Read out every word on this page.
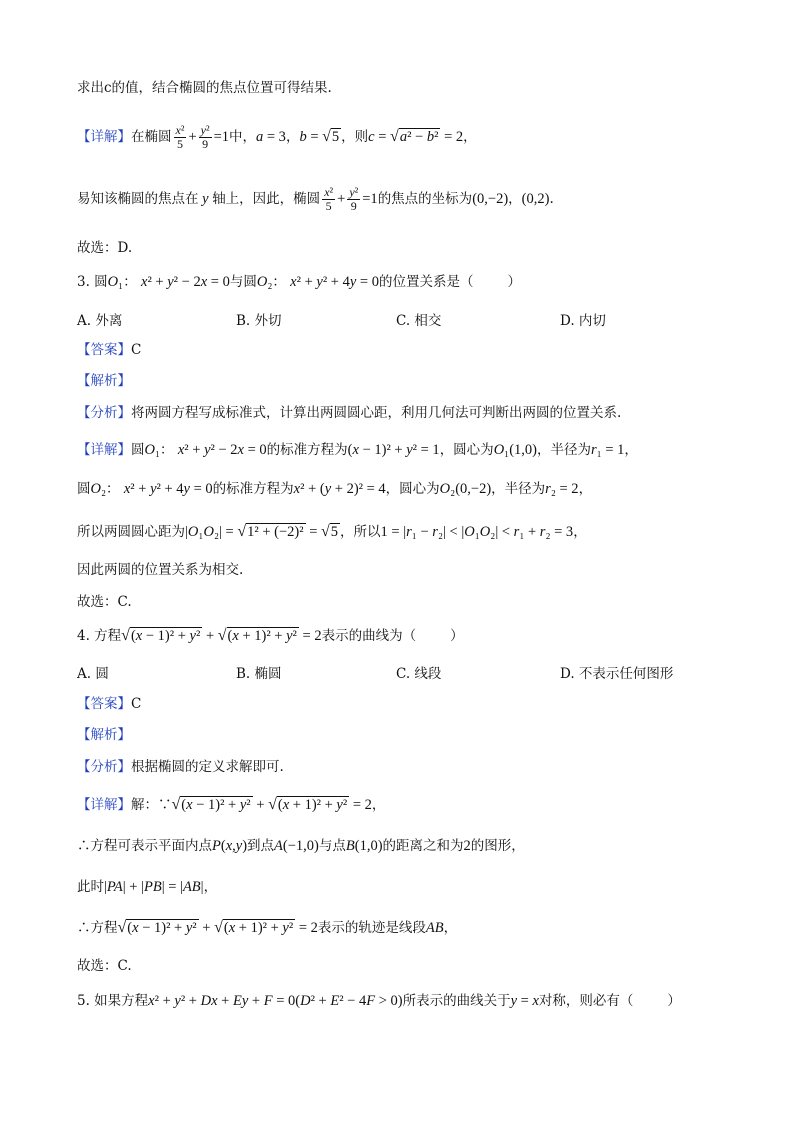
求出c的值，结合椭圆的焦点位置可得结果.
【详解】在椭圆 $\frac{\text{x²}}{5} + \frac{\text{y²}}{9} =1$中，a = 3，b = √5 ，则c = √a² − b² = 2，
易知该椭圆的焦点在 y 轴上，因此，椭圆 $\frac{\text{x²}}{5} + \frac{\text{y²}}{9} =1$的焦点的坐标为(0,−2)，(0,2).
故选：D.
3. 圆O₁： x² + y² − 2x = 0与圆O₂： x² + y² + 4y = 0的位置关系是（	）
A. 外离	B. 外切	C. 相交	D. 内切
【答案】C
【解析】
【分析】将两圆方程写成标准式，计算出两圆圆心距，利用几何法可判断出两圆的位置关系.
【详解】圆O₁： x² + y² − 2x = 0的标准方程为(x − 1)² + y² = 1，圆心为O₁(1,0)，半径为r₁ = 1，
圆O₂： x² + y² + 4y = 0的标准方程为x² + (y + 2)² = 4，圆心为O₂(0,−2)，半径为r₂ = 2，
所以两圆圆心距为|O₁O₂| = √1² + (−2)² = √5 ，所以1 = |r₁ − r₂| < |O₁O₂| < r₁ + r₂ = 3，
因此两圆的位置关系为相交.
故选：C.
4. 方程√(x − 1)² + y² + √(x + 1)² + y² = 2表示的曲线为（	）
A. 圆	B. 椭圆	C. 线段	D. 不表示任何图形
【答案】C
【解析】
【分析】根据椭圆的定义求解即可.
【详解】解：∵√(x − 1)² + y² + √(x + 1)² + y² = 2，
∴方程可表示平面内点P(x,y)到点A(−1,0)与点B(1,0)的距离之和为2的图形，
此时|PA| + |PB| = |AB|，
∴方程√(x − 1)² + y² + √(x + 1)² + y² = 2表示的轨迹是线段AB，
故选：C.
5. 如果方程x² + y² + Dx + Ey + F = 0(D² + E² − 4F > 0)所表示的曲线关于y = x对称，则必有（	）
